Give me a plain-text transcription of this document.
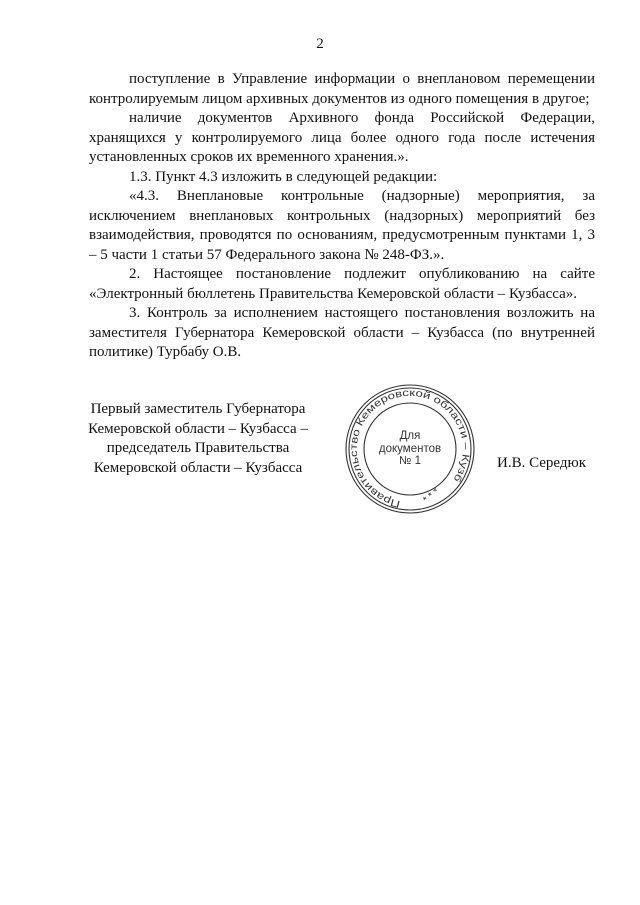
2

поступление в Управление информации о внеплановом перемещении контролируемым лицом архивных документов из одного помещения в другое;

наличие документов Архивного фонда Российской Федерации, хранящихся у контролируемого лица более одного года после истечения установленных сроков их временного хранения.».

1.3. Пункт 4.3 изложить в следующей редакции:

«4.3. Внеплановые контрольные (надзорные) мероприятия, за исключением внеплановых контрольных (надзорных) мероприятий без взаимодействия, проводятся по основаниям, предусмотренным пунктами 1, 3 – 5 части 1 статьи 57 Федерального закона № 248-ФЗ.».

2. Настоящее постановление подлежит опубликованию на сайте «Электронный бюллетень Правительства Кемеровской области – Кузбасса».

3. Контроль за исполнением настоящего постановления возложить на заместителя Губернатора Кемеровской области – Кузбасса (по внутренней политике) Турбабу О.В.

Первый заместитель Губернатора
Кемеровской области – Кузбасса –
председатель Правительства
Кемеровской области – Кузбасса
Правительство Кемеровской области – Кузб
* * *
Для
документов
№ 1	И.В. Середюк
